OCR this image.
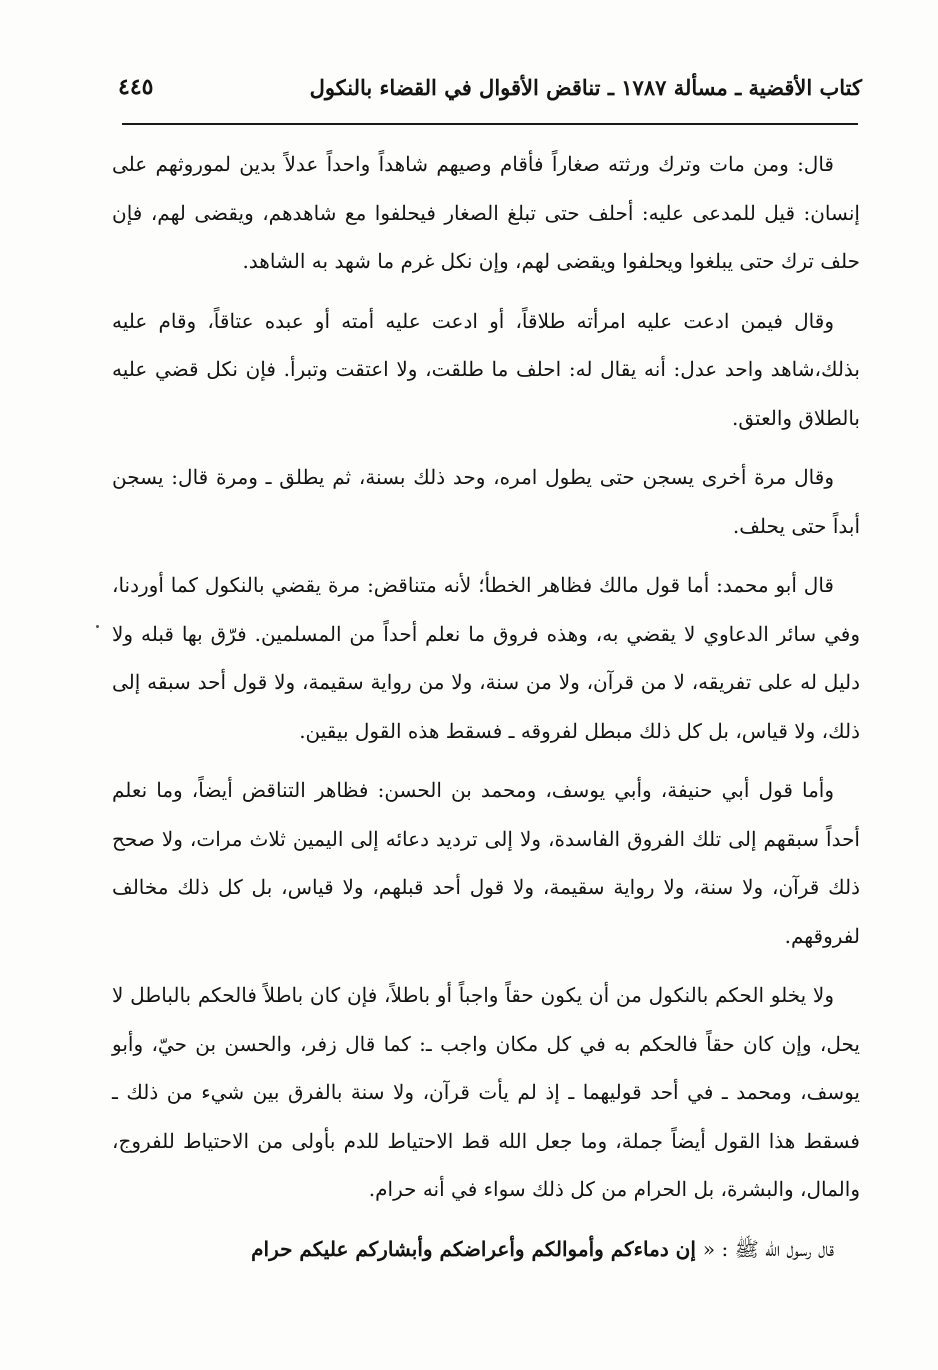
كتاب الأقضية ـ مسألة ١٧٨٧ ـ تناقض الأقوال في القضاء بالنكول
٤٤٥

قال: ومن مات وترك ورثته صغاراً فأقام وصيهم شاهداً واحداً عدلاً بدين لموروثهم على إنسان: قيل للمدعى عليه: أحلف حتى تبلغ الصغار فيحلفوا مع شاهدهم، ويقضى لهم، فإن حلف ترك حتى يبلغوا ويحلفوا ويقضى لهم، وإن نكل غرم ما شهد به الشاهد.

وقال فيمن ادعت عليه امرأته طلاقاً، أو ادعت عليه أمته أو عبده عتاقاً، وقام عليه بذلك،شاهد واحد عدل: أنه يقال له: احلف ما طلقت، ولا اعتقت وتبرأ. فإن نكل قضي عليه بالطلاق والعتق.

وقال مرة أخرى يسجن حتى يطول امره، وحد ذلك بسنة، ثم يطلق ـ ومرة قال: يسجن أبداً حتى يحلف.

قال أبو محمد: أما قول مالك فظاهر الخطأ؛ لأنه متناقض: مرة يقضي بالنكول كما أوردنا، وفي سائر الدعاوي لا يقضي به، وهذه فروق ما نعلم أحداً من المسلمين. فرّق بها قبله ولا دليل له على تفريقه، لا من قرآن، ولا من سنة، ولا من رواية سقيمة، ولا قول أحد سبقه إلى ذلك، ولا قياس، بل كل ذلك مبطل لفروقه ـ فسقط هذه القول بيقين.

وأما قول أبي حنيفة، وأبي يوسف، ومحمد بن الحسن: فظاهر التناقض أيضاً، وما نعلم أحداً سبقهم إلى تلك الفروق الفاسدة، ولا إلى ترديد دعائه إلى اليمين ثلاث مرات، ولا صحح ذلك قرآن، ولا سنة، ولا رواية سقيمة، ولا قول أحد قبلهم، ولا قياس، بل كل ذلك مخالف لفروقهم.

ولا يخلو الحكم بالنكول من أن يكون حقاً واجباً أو باطلاً، فإن كان باطلاً فالحكم بالباطل لا يحل، وإن كان حقاً فالحكم به في كل مكان واجب ـ: كما قال زفر، والحسن بن حيّ، وأبو يوسف، ومحمد ـ في أحد قوليهما ـ إذ لم يأت قرآن، ولا سنة بالفرق بين شيء من ذلك ـ فسقط هذا القول أيضاً جملة، وما جعل الله قط الاحتياط للدم بأولى من الاحتياط للفروج، والمال، والبشرة، بل الحرام من كل ذلك سواء في أنه حرام.

قال رسول الله ﷺ : « إن دماءكم وأموالكم وأعراضكم وأبشاركم عليكم حرام
